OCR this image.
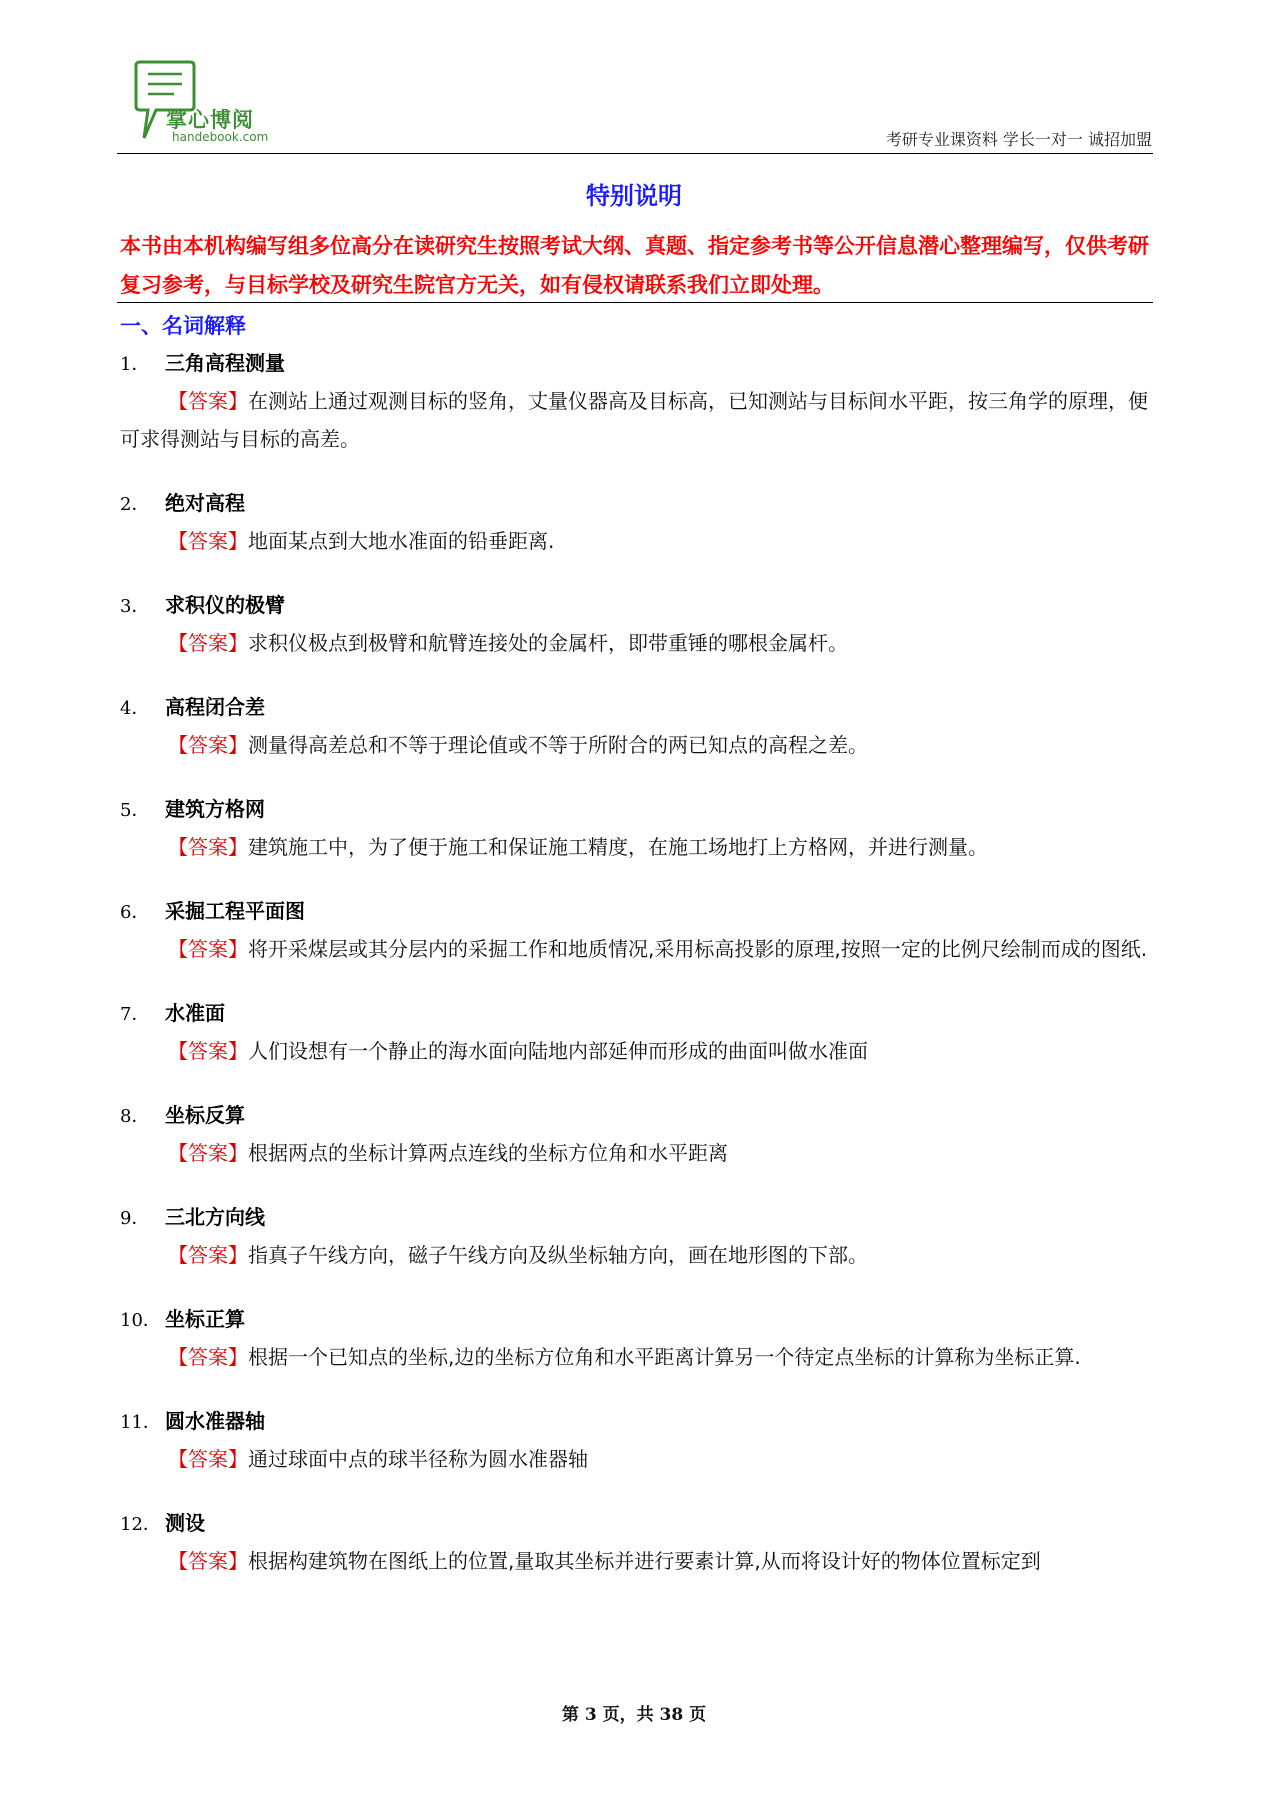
掌心博阅
handebook.com	考研专业课资料 学长一对一 诚招加盟
特别说明
本书由本机构编写组多位高分在读研究生按照考试大纲、真题、指定参考书等公开信息潜心整理编写，仅供考研复习参考，与目标学校及研究生院官方无关，如有侵权请联系我们立即处理。
一、名词解释
1． 三角高程测量
【答案】在测站上通过观测目标的竖角，丈量仪器高及目标高，已知测站与目标间水平距，按三角学的原理，便可求得测站与目标的高差。
2． 绝对高程
【答案】地面某点到大地水准面的铅垂距离.
3． 求积仪的极臂
【答案】求积仪极点到极臂和航臂连接处的金属杆，即带重锤的哪根金属杆。
4． 高程闭合差
【答案】测量得高差总和不等于理论值或不等于所附合的两已知点的高程之差。
5． 建筑方格网
【答案】建筑施工中，为了便于施工和保证施工精度，在施工场地打上方格网，并进行测量。
6． 采掘工程平面图
【答案】将开采煤层或其分层内的采掘工作和地质情况,采用标高投影的原理,按照一定的比例尺绘制而成的图纸.
7． 水准面
【答案】人们设想有一个静止的海水面向陆地内部延伸而形成的曲面叫做水准面
8． 坐标反算
【答案】根据两点的坐标计算两点连线的坐标方位角和水平距离
9． 三北方向线
【答案】指真子午线方向，磁子午线方向及纵坐标轴方向，画在地形图的下部。
10． 坐标正算
【答案】根据一个已知点的坐标,边的坐标方位角和水平距离计算另一个待定点坐标的计算称为坐标正算.
11． 圆水准器轴
【答案】通过球面中点的球半径称为圆水准器轴
12． 测设
【答案】根据构建筑物在图纸上的位置,量取其坐标并进行要素计算,从而将设计好的物体位置标定到
第 3 页，共 38 页
